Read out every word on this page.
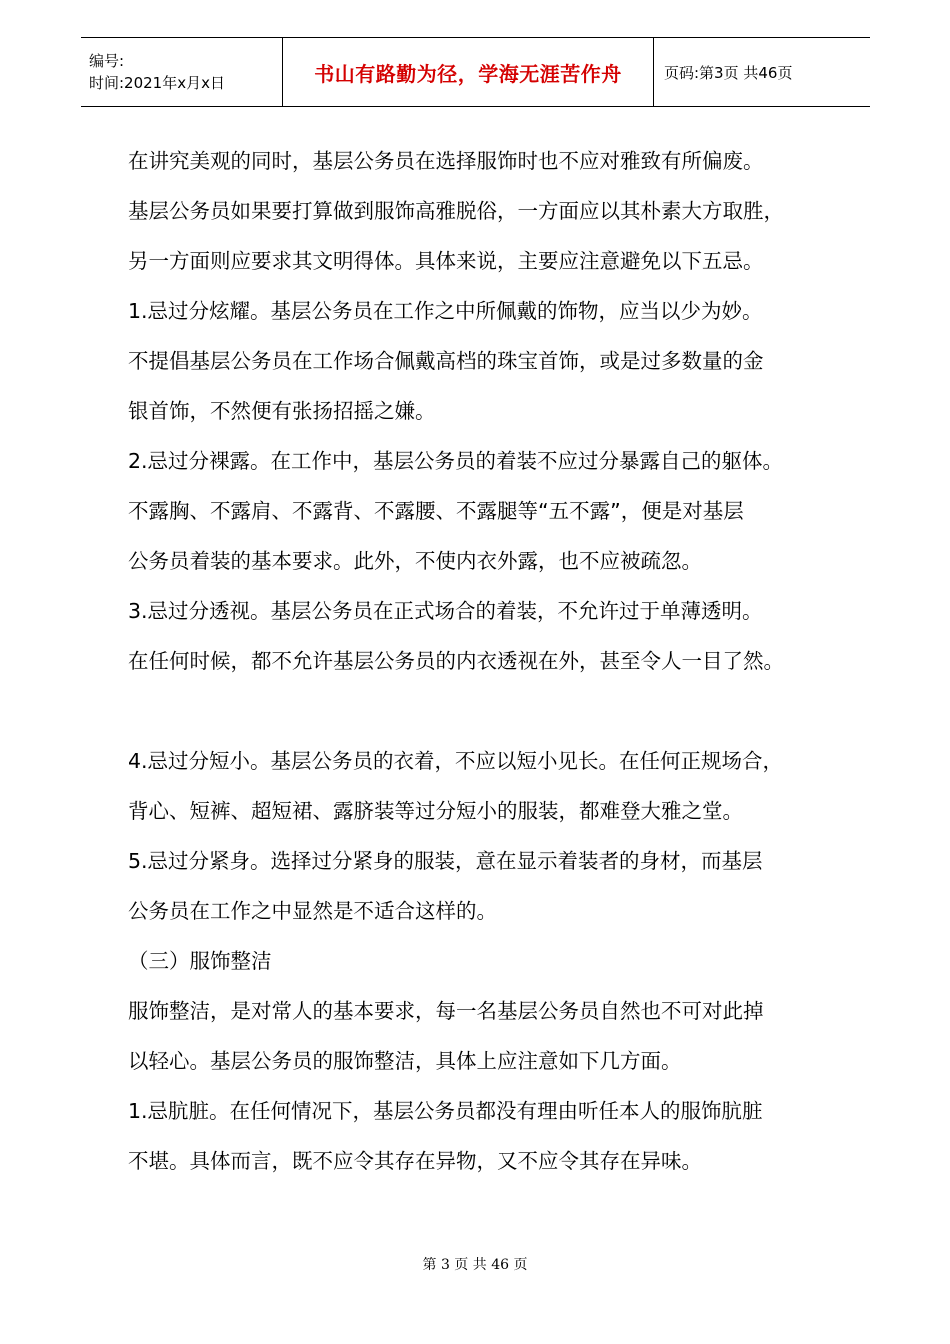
编号:
时间:2021年x月x日	书山有路勤为径，学海无涯苦作舟	页码:第3页 共46页

在讲究美观的同时，基层公务员在选择服饰时也不应对雅致有所偏废。

基层公务员如果要打算做到服饰高雅脱俗，一方面应以其朴素大方取胜，

另一方面则应要求其文明得体。具体来说，主要应注意避免以下五忌。

1.忌过分炫耀。基层公务员在工作之中所佩戴的饰物，应当以少为妙。

不提倡基层公务员在工作场合佩戴高档的珠宝首饰，或是过多数量的金

银首饰，不然便有张扬招摇之嫌。

2.忌过分裸露。在工作中，基层公务员的着装不应过分暴露自己的躯体。

不露胸、不露肩、不露背、不露腰、不露腿等“五不露”，便是对基层

公务员着装的基本要求。此外，不使内衣外露，也不应被疏忽。

3.忌过分透视。基层公务员在正式场合的着装，不允许过于单薄透明。

在任何时候，都不允许基层公务员的内衣透视在外，甚至令人一目了然。

4.忌过分短小。基层公务员的衣着，不应以短小见长。在任何正规场合，

背心、短裤、超短裙、露脐装等过分短小的服装，都难登大雅之堂。

5.忌过分紧身。选择过分紧身的服装，意在显示着装者的身材，而基层

公务员在工作之中显然是不适合这样的。

（三）服饰整洁

服饰整洁，是对常人的基本要求，每一名基层公务员自然也不可对此掉

以轻心。基层公务员的服饰整洁，具体上应注意如下几方面。

1.忌肮脏。在任何情况下，基层公务员都没有理由听任本人的服饰肮脏

不堪。具体而言，既不应令其存在异物，又不应令其存在异味。

第 3 页 共 46 页
